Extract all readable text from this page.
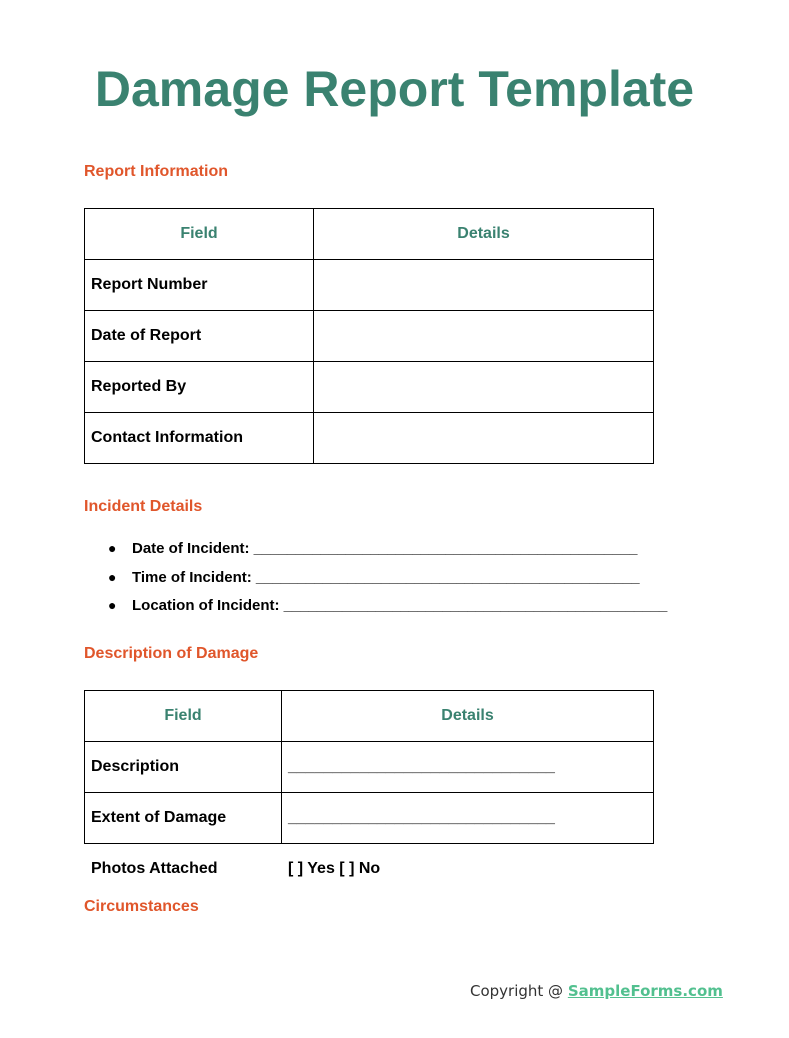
Damage Report Template
Report Information
Field	Details
Report Number	
Date of Report	
Reported By	
Contact Information	
Incident Details
● Date of Incident: ______________________________________________
● Time of Incident: ______________________________________________
● Location of Incident: ______________________________________________
Description of Damage
Field	Details
Description	______________________________
Extent of Damage	______________________________
Photos Attached	[ ] Yes [ ] No
Circumstances
Copyright @ SampleForms.com
